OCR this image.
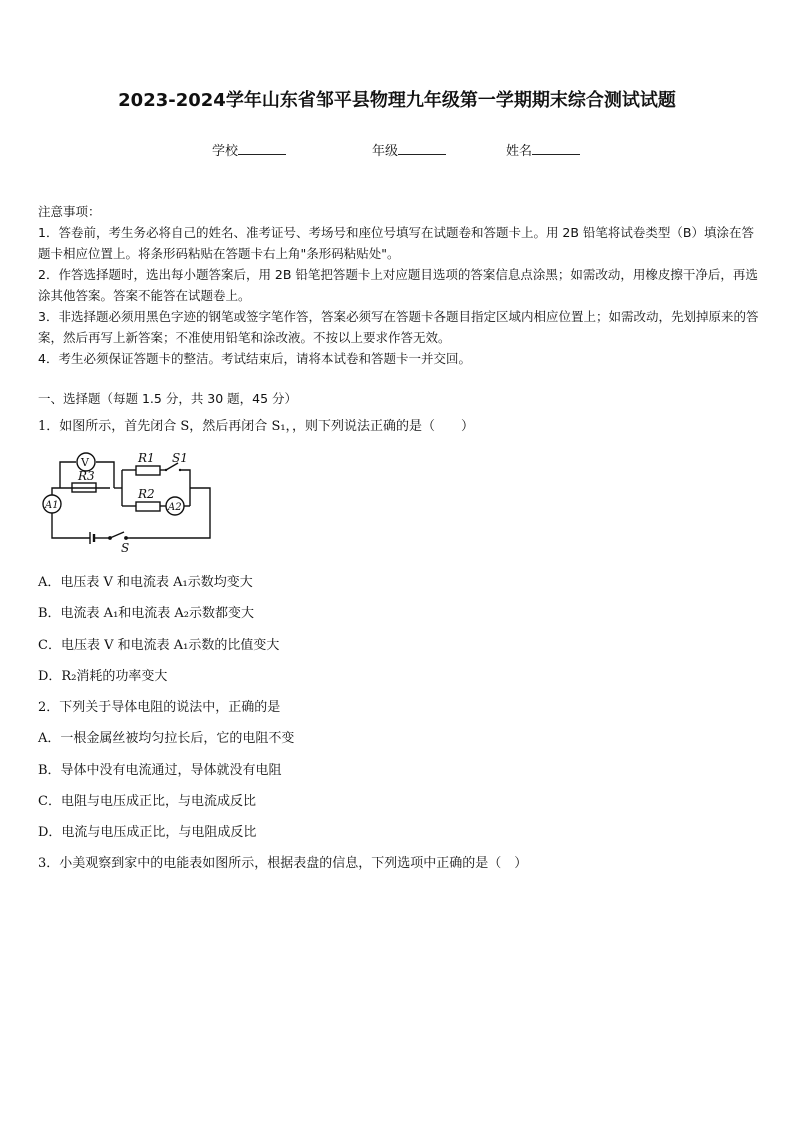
2023-2024学年山东省邹平县物理九年级第一学期期末综合测试试题
学校	年级	姓名

注意事项：

1．答卷前，考生务必将自己的姓名、准考证号、考场号和座位号填写在试题卷和答题卡上。用 2B 铅笔将试卷类型（B）填涂在答题卡相应位置上。将条形码粘贴在答题卡右上角"条形码粘贴处"。

2．作答选择题时，选出每小题答案后，用 2B 铅笔把答题卡上对应题目选项的答案信息点涂黑；如需改动，用橡皮擦干净后，再选涂其他答案。答案不能答在试题卷上。

3．非选择题必须用黑色字迹的钢笔或签字笔作答，答案必须写在答题卡各题目指定区域内相应位置上；如需改动，先划掉原来的答案，然后再写上新答案；不准使用铅笔和涂改液。不按以上要求作答无效。

4．考生必须保证答题卡的整洁。考试结束后，请将本试卷和答题卡一并交回。

一、选择题（每题 1.5 分，共 30 题，45 分）
1．如图所示，首先闭合 S，然后再闭合 S₁，，则下列说法正确的是（　　）
V
R3
R1 S1
R2
A2
A1
S
A．电压表 V 和电流表 A₁示数均变大
B．电流表 A₁和电流表 A₂示数都变大
C．电压表 V 和电流表 A₁示数的比值变大
D．R₂消耗的功率变大
2．下列关于导体电阻的说法中，正确的是
A．一根金属丝被均匀拉长后，它的电阻不变
B．导体中没有电流通过，导体就没有电阻
C．电阻与电压成正比，与电流成反比
D．电流与电压成正比，与电阻成反比
3．小美观察到家中的电能表如图所示，根据表盘的信息，下列选项中正确的是（　）
